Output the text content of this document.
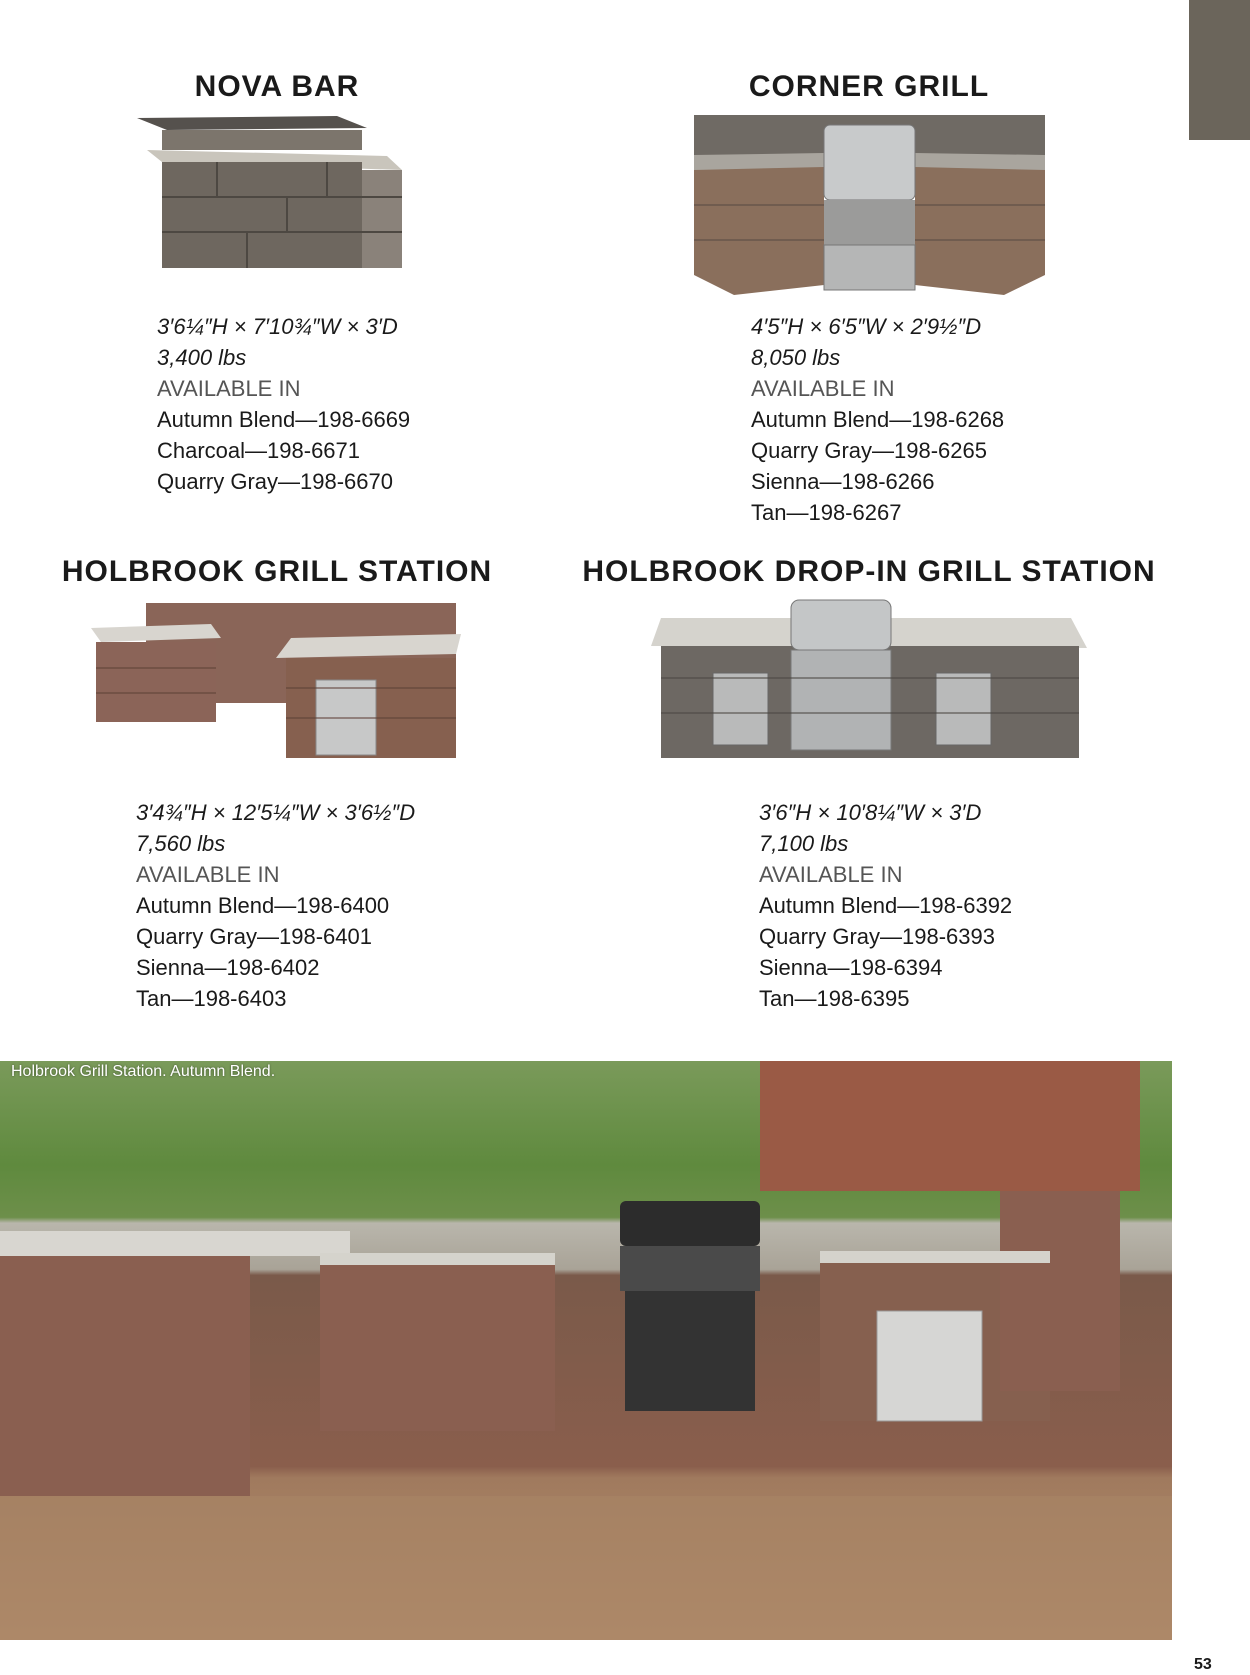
NOVA BAR	CORNER GRILL
HOLBROOK GRILL STATION	HOLBROOK DROP-IN GRILL STATION
3′6¼″H × 7′10¾″W × 3′D
3,400 lbs
AVAILABLE IN
Autumn Blend—198-6669
Charcoal—198-6671
Quarry Gray—198-6670
4′5″H × 6′5″W × 2′9½″D
8,050 lbs
AVAILABLE IN
Autumn Blend—198-6268
Quarry Gray—198-6265
Sienna—198-6266
Tan—198-6267
3′4¾″H × 12′5¼″W × 3′6½″D
7,560 lbs
AVAILABLE IN
Autumn Blend—198-6400
Quarry Gray—198-6401
Sienna—198-6402
Tan—198-6403
3′6″H × 10′8¼″W × 3′D
7,100 lbs
AVAILABLE IN
Autumn Blend—198-6392
Quarry Gray—198-6393
Sienna—198-6394
Tan—198-6395
Holbrook Grill Station. Autumn Blend.
53
